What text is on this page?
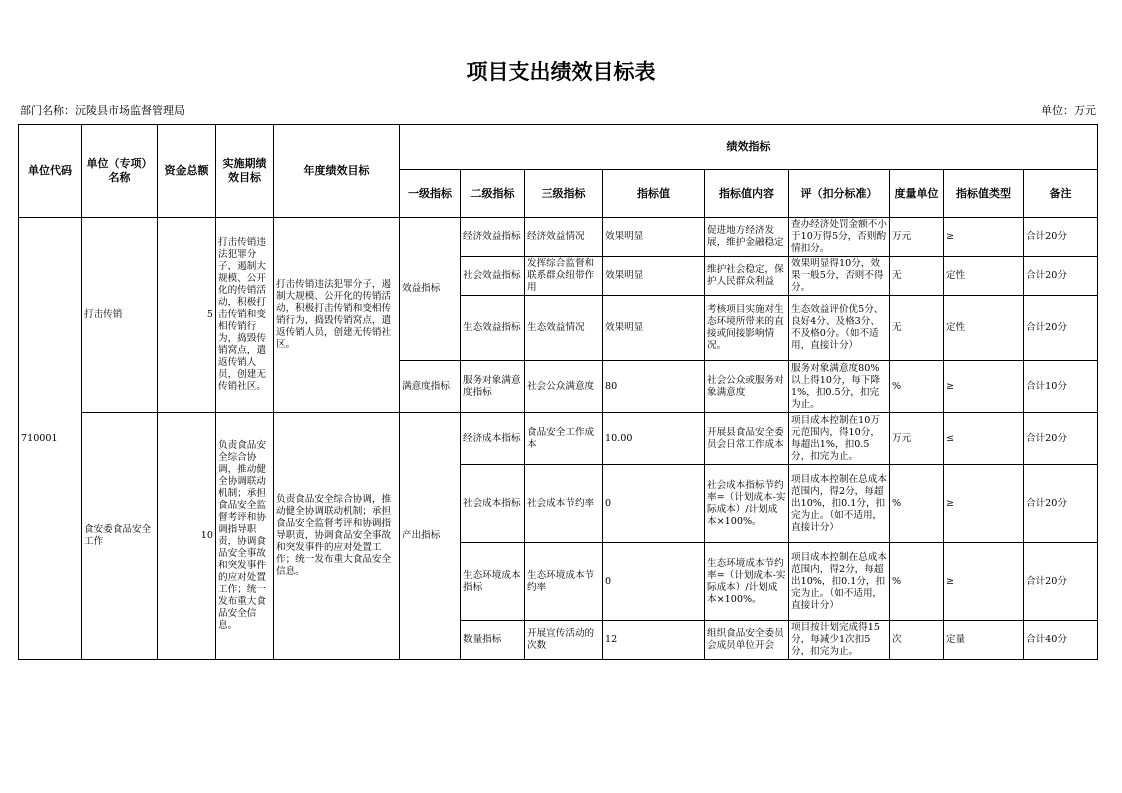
项目支出绩效目标表
部门名称：沅陵县市场监督管理局	单位：万元
单位代码	单位（专项）名称	资金总额	实施期绩效目标	年度绩效目标	绩效指标								
					一级指标	二级指标	三级指标	指标值	指标值内容	评（扣分标准）	度量单位	指标值类型	备注
710001	打击传销	5	打击传销违法犯罪分子，遏制大规模、公开化的传销活动，积极打击传销和变相传销行为，捣毁传销窝点，遣返传销人员，创建无传销社区。	打击传销违法犯罪分子，遏制大规模、公开化的传销活动，积极打击传销和变相传销行为，捣毁传销窝点，遣返传销人员，创建无传销社区。	效益指标	经济效益指标	经济效益情况	效果明显	促进地方经济发展，维护金融稳定	查办经济处罚金额不小于10万得5分，否则酌情扣分。	万元	≥	合计20分
						社会效益指标	发挥综合监督和联系群众纽带作用	效果明显	维护社会稳定，保护人民群众利益	效果明显得10分，效果一般5分，否则不得分。	无	定性	合计20分
						生态效益指标	生态效益情况	效果明显	考核项目实施对生态环境所带来的直接或间接影响情况。	生态效益评价优5分、良好4分、及格3分、不及格0分。（如不适用，直接计分）	无	定性	合计20分
					满意度指标	服务对象满意度指标	社会公众满意度	80	社会公众或服务对象满意度	服务对象满意度80%以上得10分，每下降1%，扣0.5分，扣完为止。	%	≥	合计10分
	食安委食品安全工作	10	负责食品安全综合协调，推动健全协调联动机制；承担食品安全监督考评和协调指导职责，协调食品安全事故和突发事件的应对处置工作；统一发布重大食品安全信息。	负责食品安全综合协调，推动健全协调联动机制；承担食品安全监督考评和协调指导职责，协调食品安全事故和突发事件的应对处置工作；统一发布重大食品安全信息。	产出指标	经济成本指标	食品安全工作成本	10.00	开展县食品安全委员会日常工作成本	项目成本控制在10万元范围内，得10分，每超出1%，扣0.5分，扣完为止。	万元	≤	合计20分
						社会成本指标	社会成本节约率	0	社会成本指标节约率=（计划成本-实际成本）/计划成本×100%。	项目成本控制在总成本范围内，得2分，每超出10%，扣0.1分，扣完为止。（如不适用，直接计分）	%	≥	合计20分
						生态环境成本指标	生态环境成本节约率	0	生态环境成本节约率=（计划成本-实际成本）/计划成本×100%。	项目成本控制在总成本范围内，得2分，每超出10%，扣0.1分，扣完为止。（如不适用，直接计分）	%	≥	合计20分
						数量指标	开展宣传活动的次数	12	组织食品安全委员会成员单位开会	项目按计划完成得15分，每减少1次扣5分，扣完为止。	次	定量	合计40分
